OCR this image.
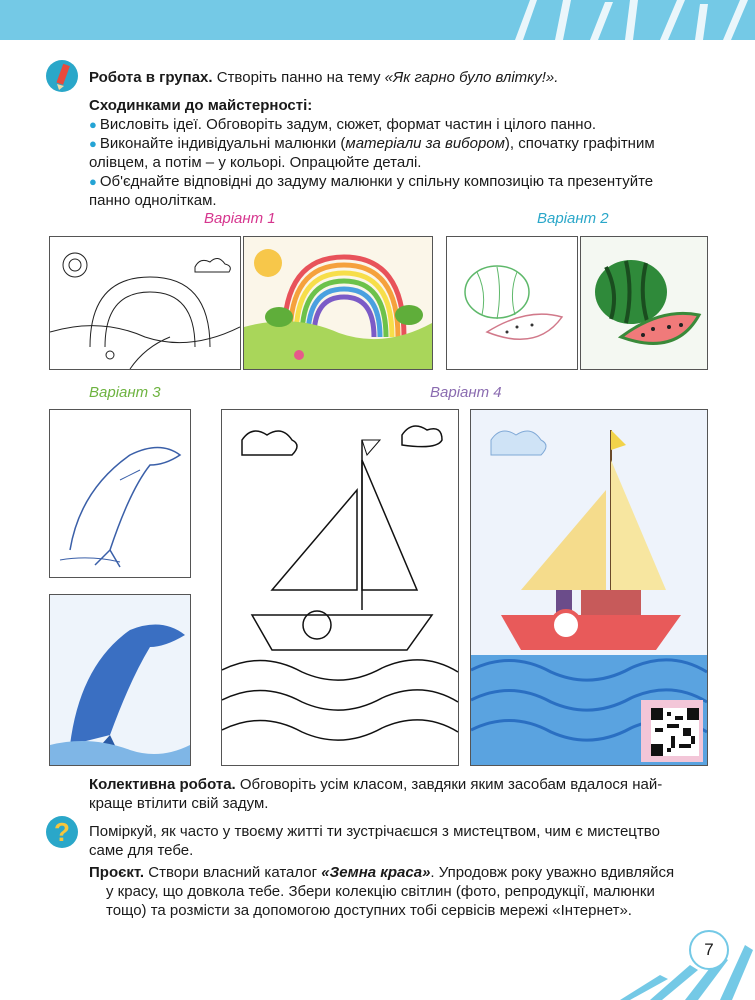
Робота в групах. Створіть панно на тему «Як гарно було влітку!».
Сходинками до майстерності:
● Висловіть ідеї. Обговоріть задум, сюжет, формат частин і цілого панно.
● Виконайте індивідуальні малюнки (матеріали за вибором), спочатку графітним
олівцем, а потім – у кольорі. Опрацюйте деталі.
● Об'єднайте відповідні до задуму малюнки у спільну композицію та презентуйте
панно однoліткам.
Варіант 1	Варіант 2
Варіант 3	Варіант 4
Колективна робота. Обговоріть усім класом, завдяки яким засобам вдалося най-
краще втілити свій задум.
?	Поміркуй, як часто у твоєму житті ти зустрічаєшся з мистецтвом, чим є мистецтво
саме для тебе.
Проєкт. Створи власний каталог «Земна краса». Упродовж року уважно вдивляйся
у красу, що довкола тебе. Збери колекцію світлин (фото, репродукції, малюнки
тощо) та розмісти за допомогою доступних тобі сервісів мережі «Інтернет».
7
